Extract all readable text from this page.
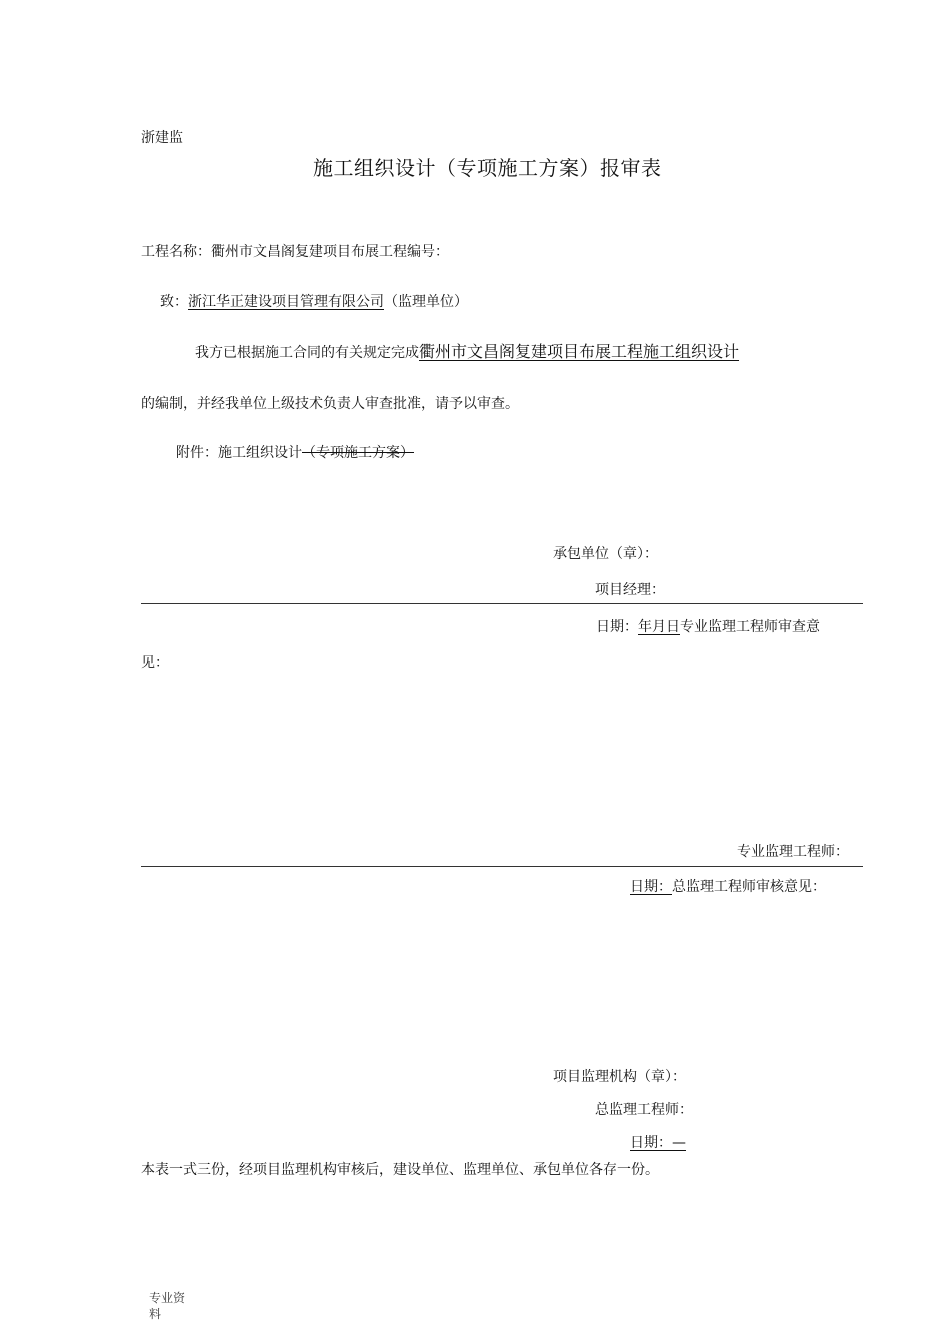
浙建监
施工组织设计（专项施工方案）报审表
工程名称：衢州市文昌阁复建项目布展工程编号：
致：浙江华正建设项目管理有限公司（监理单位）
我方已根据施工合同的有关规定完成衢州市文昌阁复建项目布展工程施工组织设计
的编制，并经我单位上级技术负责人审查批准，请予以审查。
附件：施工组织设计（专项施工方案）
承包单位（章）：
项目经理：
日期：年月日专业监理工程师审查意
见：
专业监理工程师：
日期：总监理工程师审核意见：
项目监理机构（章）：
总监理工程师：
日期：—
本表一式三份，经项目监理机构审核后，建设单位、监理单位、承包单位各存一份。
专业资
料
